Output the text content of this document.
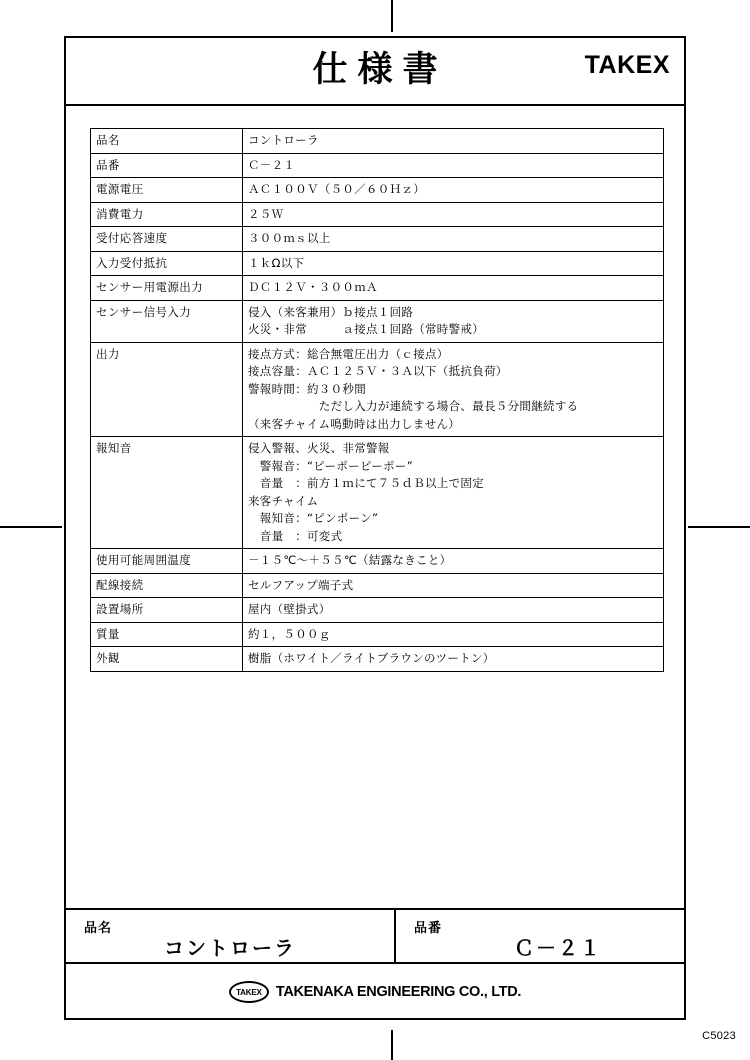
仕様書	TAKEX
品名	コントローラ

品番	Ｃ－２１

電源電圧	ＡＣ１００Ｖ（５０／６０Ｈｚ）

消費電力	２５Ｗ

受付応答速度	３００ｍｓ以上

入力受付抵抗	１ｋΩ以下

センサー用電源出力	ＤＣ１２Ｖ・３００ｍＡ

センサー信号入力	侵入（来客兼用）ｂ接点１回路
火災・非常　　　ａ接点１回路（常時警戒）

出力	接点方式：総合無電圧出力（ｃ接点）
接点容量：ＡＣ１２５Ｖ・３Ａ以下（抵抗負荷）
警報時間：約３０秒間
　　　　　　ただし入力が連続する場合、最長５分間継続する
（来客チャイム鳴動時は出力しません）

報知音	侵入警報、火災、非常警報
　警報音：“ピーポーピーポー”
　音量　：前方１ｍにて７５ｄＢ以上で固定
来客チャイム
　報知音：“ピンポーン”
　音量　：可変式

使用可能周囲温度	－１５℃～＋５５℃（結露なきこと）

配線接続	セルフアップ端子式

設置場所	屋内（壁掛式）

質量	約１，５００ｇ

外観	樹脂（ホワイト／ライトブラウンのツートン）
品名
コントローラ
品番
Ｃ－２１
TAKEX TAKENAKA ENGINEERING CO., LTD.
C5023
